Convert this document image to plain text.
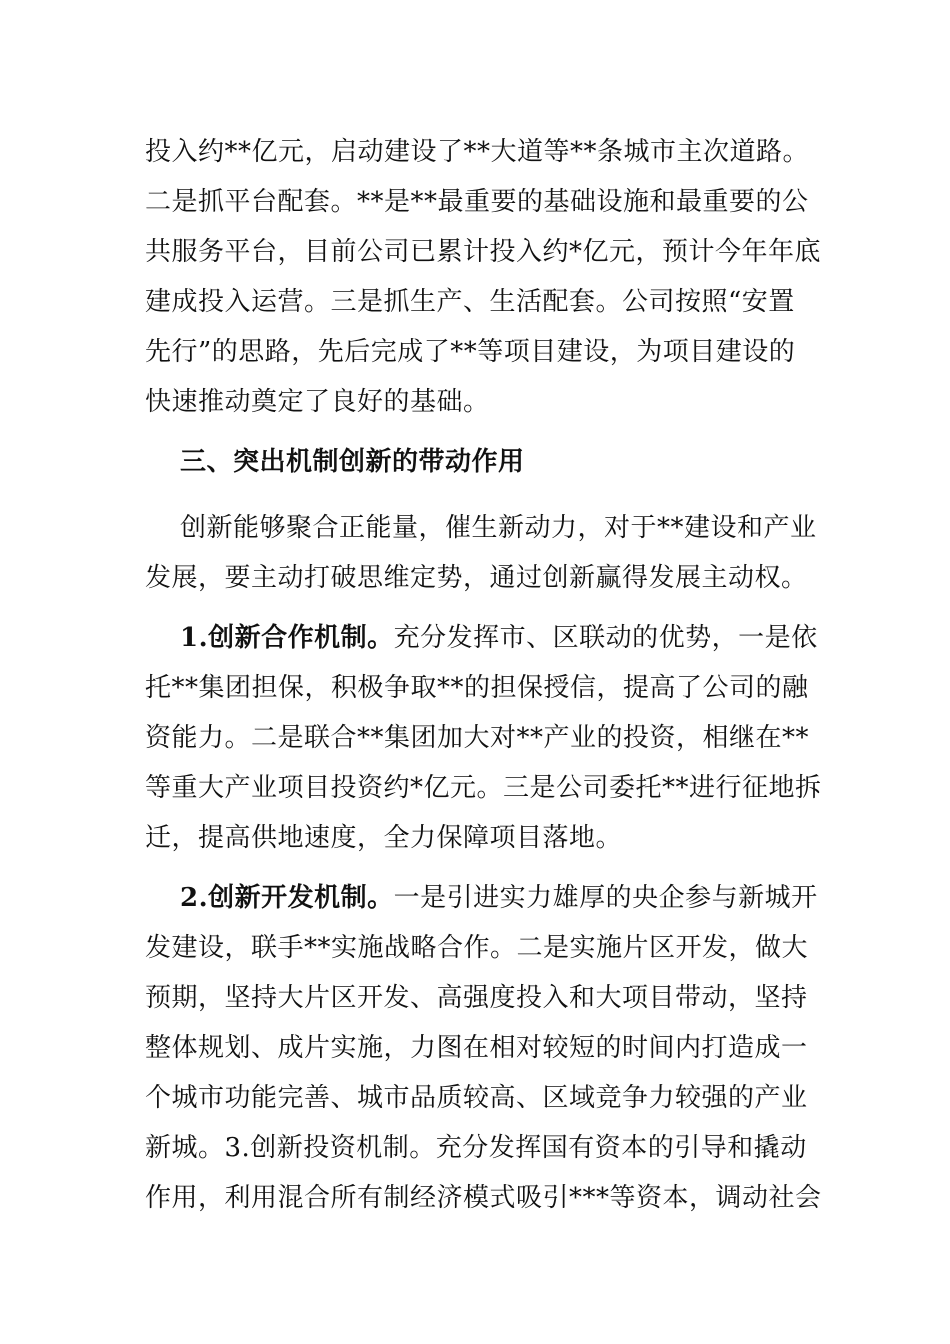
投入约**亿元，启动建设了**大道等**条城市主次道路。
二是抓平台配套。**是**最重要的基础设施和最重要的公
共服务平台，目前公司已累计投入约*亿元，预计今年年底
建成投入运营。三是抓生产、生活配套。公司按照“安置
先行”的思路，先后完成了**等项目建设，为项目建设的
快速推动奠定了良好的基础。
三、突出机制创新的带动作用
创新能够聚合正能量，催生新动力，对于**建设和产业
发展，要主动打破思维定势，通过创新赢得发展主动权。
1.创新合作机制。充分发挥市、区联动的优势，一是依
托**集团担保，积极争取**的担保授信，提高了公司的融
资能力。二是联合**集团加大对**产业的投资，相继在**
等重大产业项目投资约*亿元。三是公司委托**进行征地拆
迁，提高供地速度，全力保障项目落地。
2.创新开发机制。一是引进实力雄厚的央企参与新城开
发建设，联手**实施战略合作。二是实施片区开发，做大
预期，坚持大片区开发、高强度投入和大项目带动，坚持
整体规划、成片实施，力图在相对较短的时间内打造成一
个城市功能完善、城市品质较高、区域竞争力较强的产业
新城。3.创新投资机制。充分发挥国有资本的引导和撬动
作用，利用混合所有制经济模式吸引***等资本，调动社会
